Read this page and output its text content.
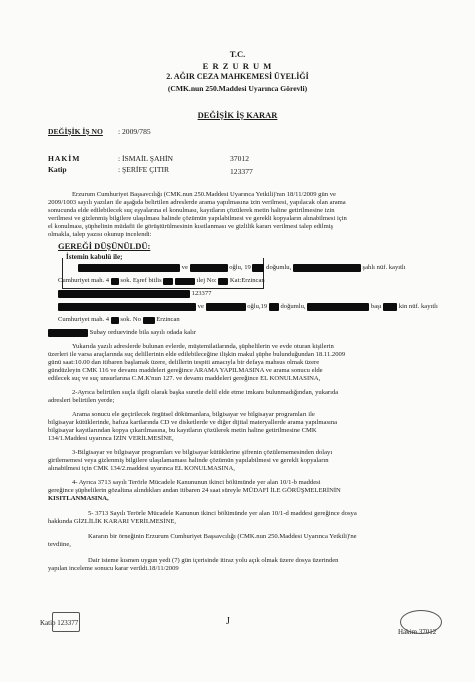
T.C.
E R Z U R U M
2. AĞIR CEZA MAHKEMESİ ÜYELİĞİ
(CMK.nun 250.Maddesi Uyarınca Görevli)
DEĞİŞİK İŞ KARAR
DEĞİŞİK İŞ NO : 2009/785
HAKİM	: İSMAİL ŞAHİN	37012
Katip	: ŞERİFE ÇITIR	123377
Erzurum Cumhuriyet Başsavcılığı (CMK.nun 250.Maddesi Uyarınca Yetkili)'nın 18/11/2009 gün ve
2009/1003 sayılı yazıları ile aşağıda belirtilen adreslerde arama yapılmasına izin verilmesi, yapılacak olan arama
sonucunda elde edilebilecek suç eşyalarına el konulması, kayıtların çözülerek metin haline getirilmesine izin
verilmesi ve gizlenmiş bilgilere ulaşılması halinde çözümün yapılabilmesi ve gerekli kopyaların alınabilmesi için
el konulması, şüphelinin müdafii ile görüştürülmesinin kısıtlanması ve gizlilik kararı verilmesi talep edilmiş
olmakla, talep yazısı okunup incelendi:
GEREĞİ DÜŞÜNÜLDÜ:
İstemin kabulü ile;
ve	oğlu, 19 doğumlu,	şahlı nüf. kayıtlı
Cumhuriyet mah. 4 sok. Eşref bitlis	ılej No: Kat:Erzincan
123377
ve	oğlu,19 doğumlu,	başı	kin nüf. kayıtlı
Cumhuriyet mah. 4 sok. No Erzincan
Subay orduevinde bila sayılı odada kalır
Yukarıda yazılı adreslerde bulunan evlerde, müştemilatlarında, şüphelilerin ve evde oturan kişilerin
üzerleri ile varsa araçlarında suç delillerinin elde edilebileceğine ilişkin makul şüphe bulunduğundan 18.11.2009
günü saat:10.00 dan itibaren başlamak üzere, delillerin tespiti amacıyla bir defaya mahsus olmak üzere
gündüzleyin CMK 116 ve devamı maddeleri gereğince ARAMA YAPILMASINA ve arama sonucu elde
edilecek suç ve suç unsurlarına C.M.K'nun 127. ve devamı maddeleri gereğince EL KONULMASINA,
2-Ayrıca belirtilen suçla ilgili olarak başka suretle delil elde etme imkanı bulunmadığından, yukarıda
adresleri belirtilen yerde;
Arama sonucu ele geçirilecek örgütsel dökümanlara, bilgisayar ve bilgisayar programları ile
bilgisayar kütüklerinde, hafıza kartlarında CD ve disketlerde ve diğer dijital materyallerde arama yapılmasına
bilgisayar kayıtlarından kopya çıkarılmasına, bu kayıtların çözülerek metin haline getirilmesine CMK
134/1.Maddesi uyarınca İZİN VERİLMESİNE,
3-Bilgisayar ve bilgisayar programları ve bilgisayar kütüklerine şifrenin çözülememesinden dolayı
girilememesi veya gizlenmiş bilgilere ulaşılamaması halinde çözümün yapılabilmesi ve gerekli kopyaların
alınabilmesi için CMK 134/2.maddesi uyarınca EL KONULMASINA,
4- Ayrıca 3713 sayılı Terörle Mücadele Kanununun ikinci bölümünde yer alan 10/1-b maddesi
gereğince şüphelilerin gözaltına alındıkları andan itibaren 24 saat süreyle MÜDAFİ İLE GÖRÜŞMELERİNİN
KISITLANMASINA,
5- 3713 Sayılı Terörle Mücadele Kanunun ikinci bölümünde yer alan 10/1-d maddesi gereğince dosya
hakkında GİZLİLİK KARARI VERİLMESİNE,
Kararın bir örneğinin Erzurum Cumhuriyet Başsavcılığı (CMK.nun 250.Maddesi Uyarınca Yetkili)'ne
tevdiine,
Dair isteme kısmen uygun yedi (7) gün içerisinde itiraz yolu açık olmak üzere dosya üzerinden
yapılan inceleme sonucu karar verildi.18/11/2009
Katip 123377	J
Hakim 37012
